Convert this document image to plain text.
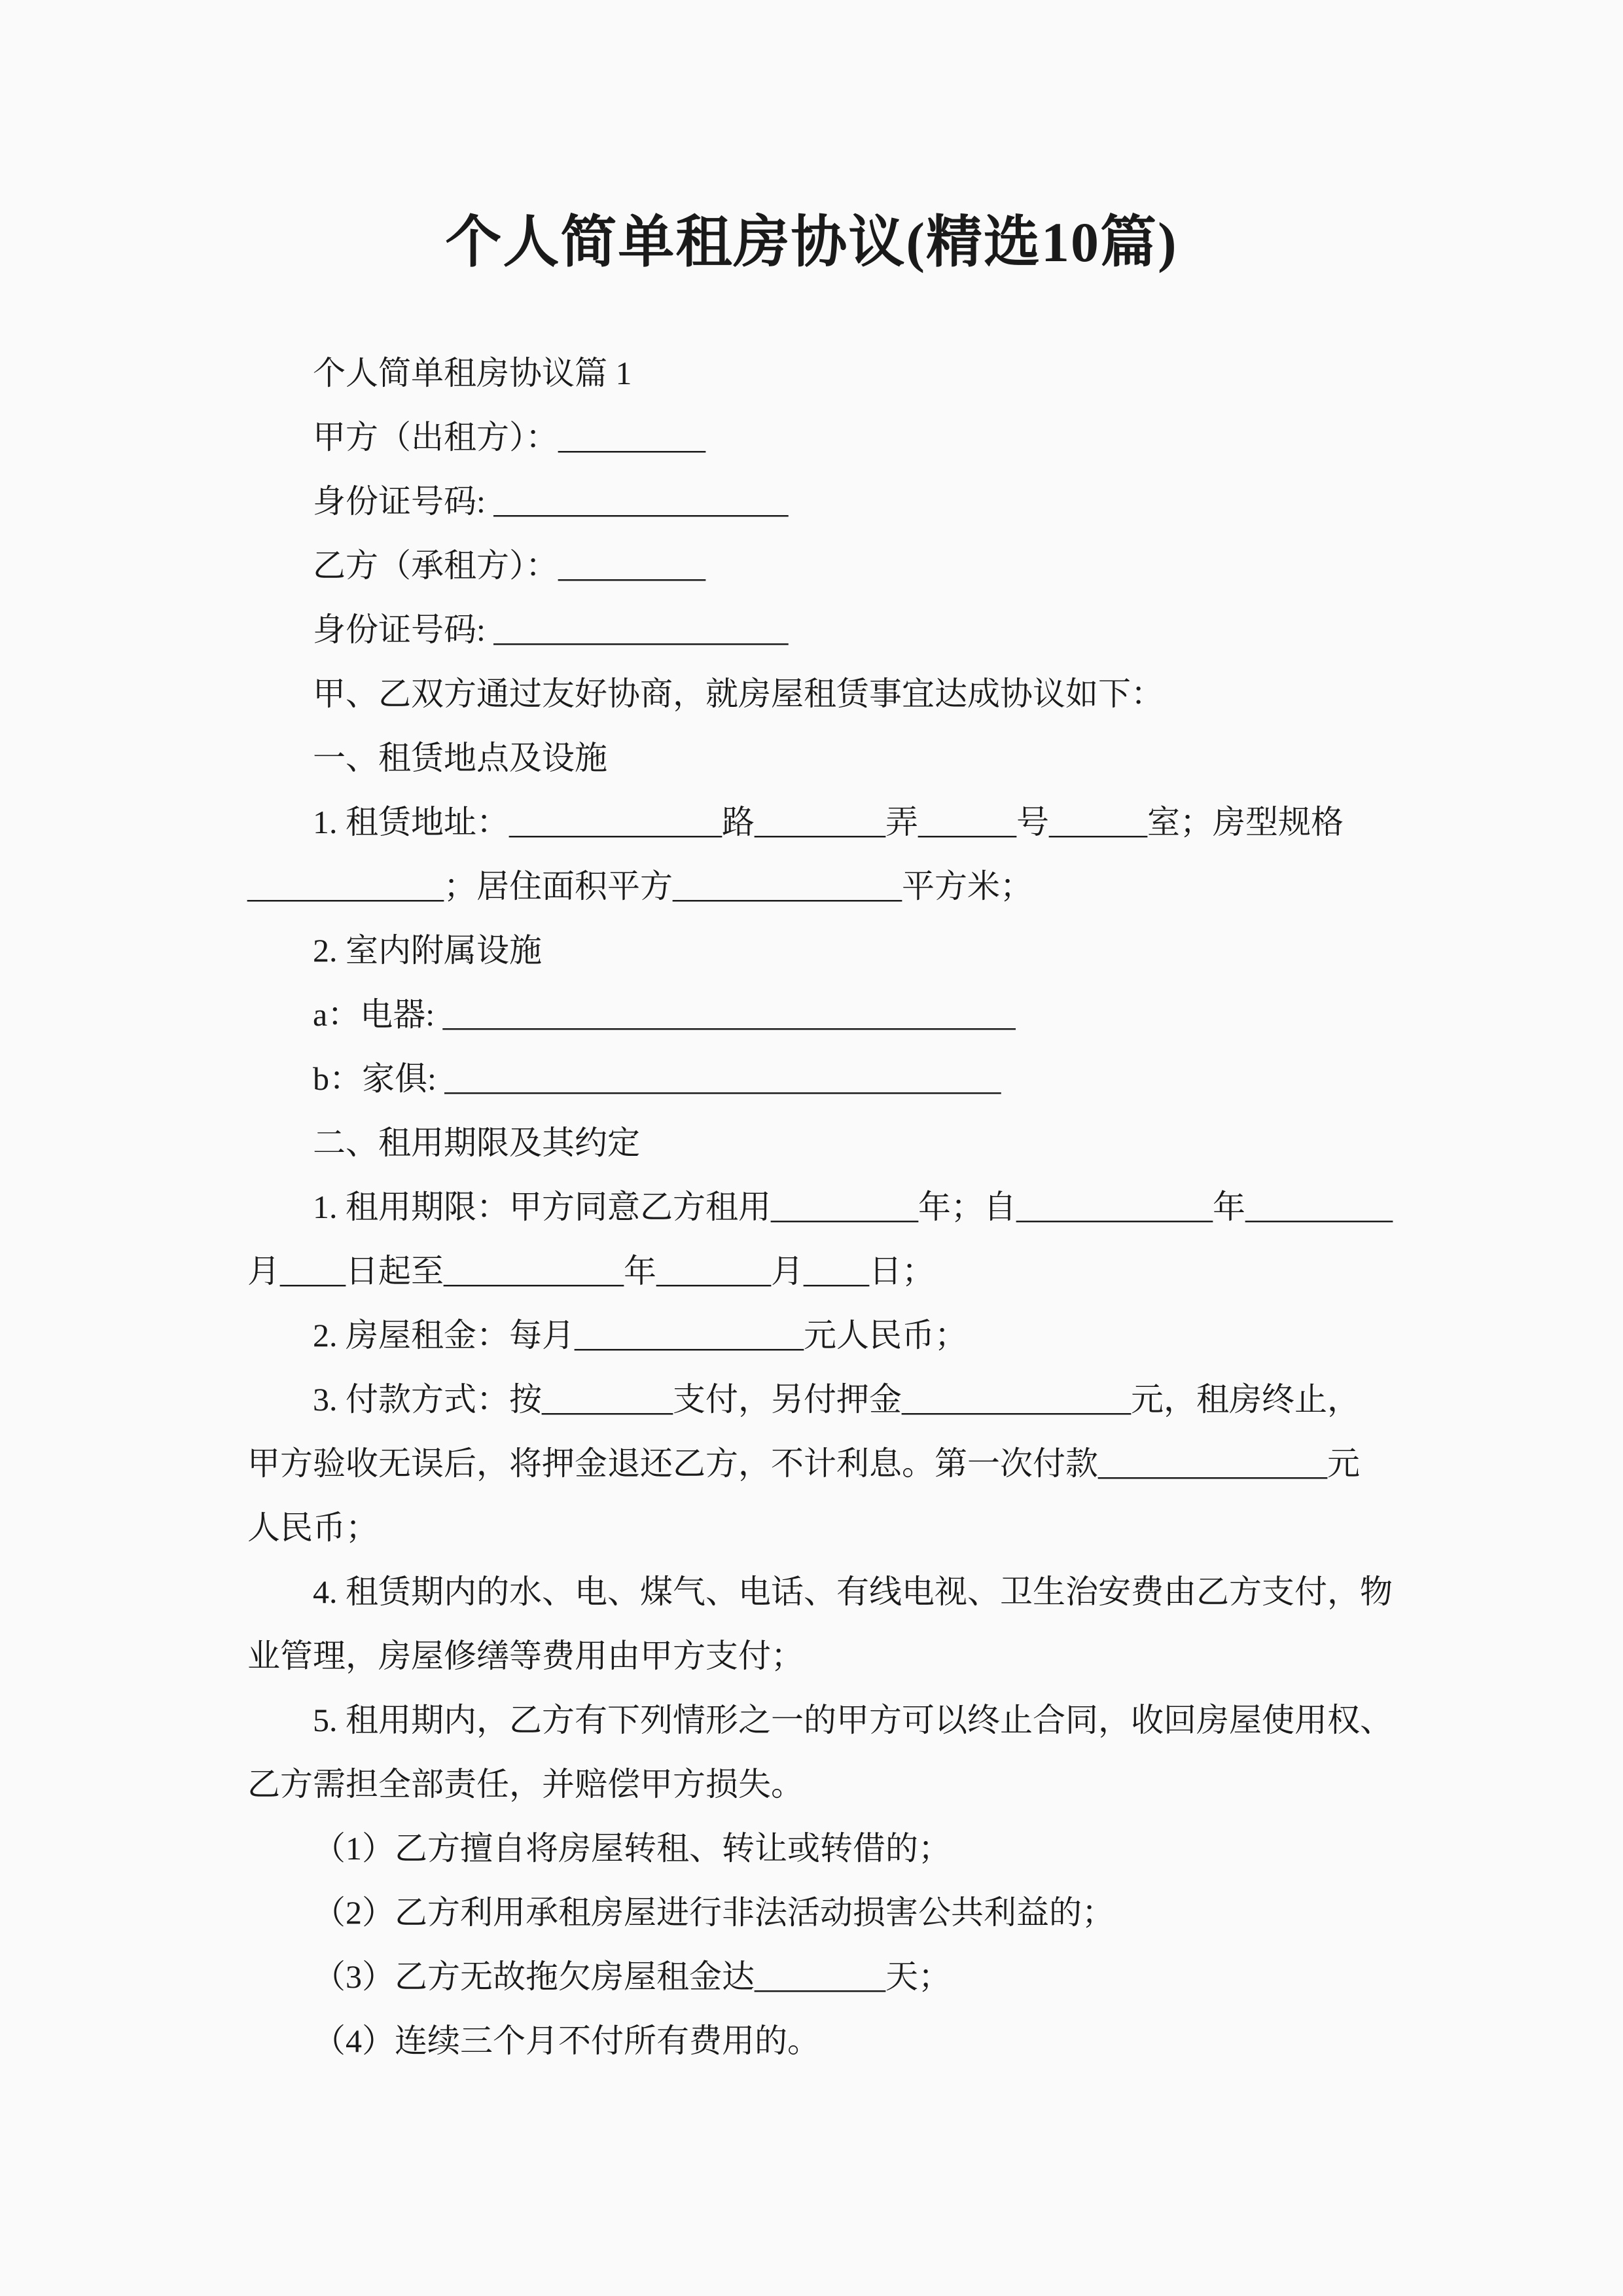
个人简单租房协议(精选10篇)
个人简单租房协议篇 1
甲方（出租方）：_________
身份证号码: __________________
乙方（承租方）：_________
身份证号码: __________________
甲、乙双方通过友好协商，就房屋租赁事宜达成协议如下：
一、租赁地点及设施
1. 租赁地址：_____________路________弄______号______室；房型规格
____________；居住面积平方______________平方米；
2. 室内附属设施
a：电器: ___________________________________
b：家俱: __________________________________
二、租用期限及其约定
1. 租用期限：甲方同意乙方租用_________年；自____________年_________
月____日起至___________年_______月____日；
2. 房屋租金：每月______________元人民币；
3. 付款方式：按________支付，另付押金______________元，租房终止，
甲方验收无误后，将押金退还乙方，不计利息。第一次付款______________元
人民币；
4. 租赁期内的水、电、煤气、电话、有线电视、卫生治安费由乙方支付，物
业管理，房屋修缮等费用由甲方支付；
5. 租用期内，乙方有下列情形之一的甲方可以终止合同，收回房屋使用权、
乙方需担全部责任，并赔偿甲方损失。
（1）乙方擅自将房屋转租、转让或转借的；
（2）乙方利用承租房屋进行非法活动损害公共利益的；
（3）乙方无故拖欠房屋租金达________天；
（4）连续三个月不付所有费用的。
